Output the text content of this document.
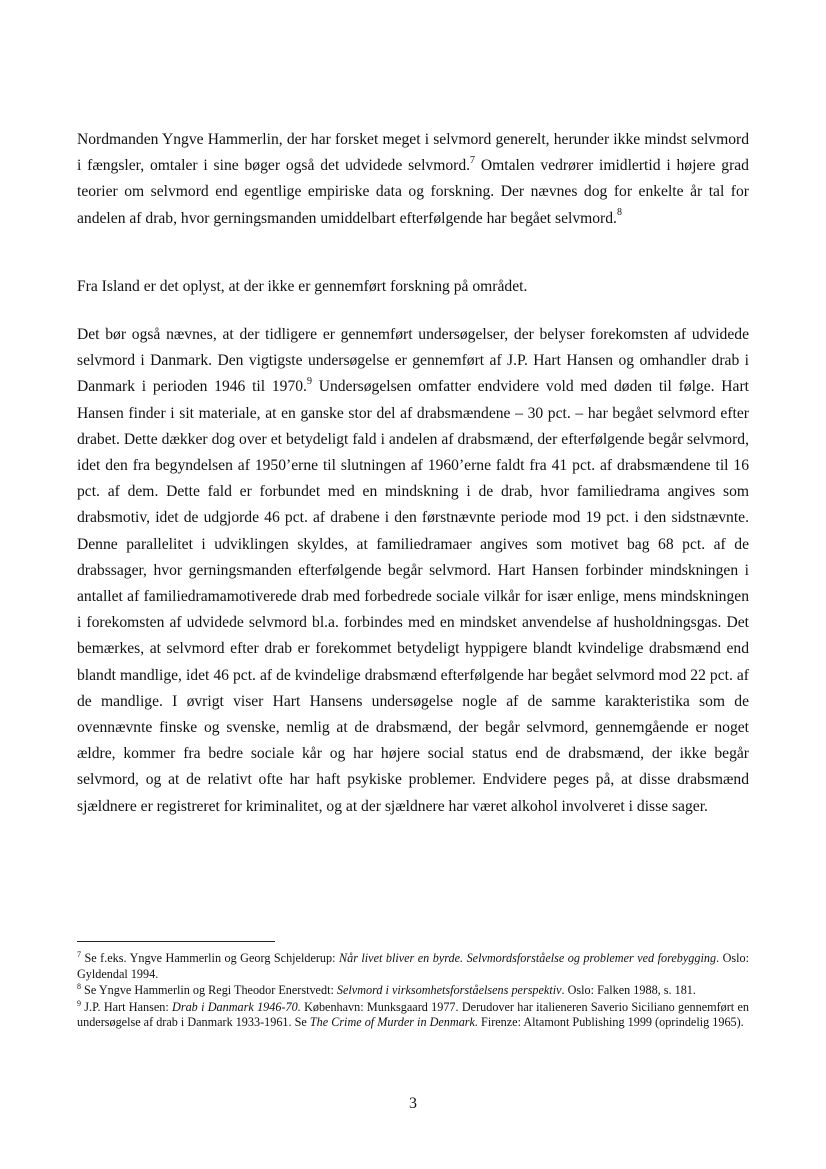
Nordmanden Yngve Hammerlin, der har forsket meget i selvmord generelt, herunder ikke mindst selvmord i fængsler, omtaler i sine bøger også det udvidede selvmord.$^7$ Omtalen vedrører imidlertid i højere grad teorier om selvmord end egentlige empiriske data og forskning. Der nævnes dog for enkelte år tal for andelen af drab, hvor gerningsmanden umiddelbart efterfølgende har begået selvmord.$^8$

Fra Island er det oplyst, at der ikke er gennemført forskning på området.

Det bør også nævnes, at der tidligere er gennemført undersøgelser, der belyser forekomsten af udvidede selvmord i Danmark. Den vigtigste undersøgelse er gennemført af J.P. Hart Hansen og omhandler drab i Danmark i perioden 1946 til 1970.$^9$ Undersøgelsen omfatter endvidere vold med døden til følge. Hart Hansen finder i sit materiale, at en ganske stor del af drabsmændene – 30 pct. – har begået selvmord efter drabet. Dette dækker dog over et betydeligt fald i andelen af drabsmænd, der efterfølgende begår selvmord, idet den fra begyndelsen af 1950’erne til slutningen af 1960’erne faldt fra 41 pct. af drabsmændene til 16 pct. af dem. Dette fald er forbundet med en mindskning i de drab, hvor familiedrama angives som drabsmotiv, idet de udgjorde 46 pct. af drabene i den førstnævnte periode mod 19 pct. i den sidstnævnte. Denne parallelitet i udviklingen skyldes, at familiedramaer angives som motivet bag 68 pct. af de drabssager, hvor gerningsmanden efterfølgende begår selvmord. Hart Hansen forbinder mindskningen i antallet af familiedramamotiverede drab med forbedrede sociale vilkår for især enlige, mens mindskningen i forekomsten af udvidede selvmord bl.a. forbindes med en mindsket anvendelse af husholdningsgas. Det bemærkes, at selvmord efter drab er forekommet betydeligt hyppigere blandt kvindelige drabsmænd end blandt mandlige, idet 46 pct. af de kvindelige drabsmænd efterfølgende har begået selvmord mod 22 pct. af de mandlige. I øvrigt viser Hart Hansens undersøgelse nogle af de samme karakteristika som de ovennævnte finske og svenske, nemlig at de drabsmænd, der begår selvmord, gennemgående er noget ældre, kommer fra bedre sociale kår og har højere social status end de drabsmænd, der ikke begår selvmord, og at de relativt ofte har haft psykiske problemer. Endvidere peges på, at disse drabsmænd sjældnere er registreret for kriminalitet, og at der sjældnere har været alkohol involveret i disse sager.

$^7$ Se f.eks. Yngve Hammerlin og Georg Schjelderup: Når livet bliver en byrde. Selvmordsforståelse og problemer ved forebygging. Oslo: Gyldendal 1994.

$^8$ Se Yngve Hammerlin og Regi Theodor Enerstvedt: Selvmord i virksomhetsforståelsens perspektiv. Oslo: Falken 1988, s. 181.

$^9$ J.P. Hart Hansen: Drab i Danmark 1946-70. København: Munksgaard 1977. Derudover har italieneren Saverio Siciliano gennemført en undersøgelse af drab i Danmark 1933-1961. Se The Crime of Murder in Denmark. Firenze: Altamont Publishing 1999 (oprindelig 1965).

3
